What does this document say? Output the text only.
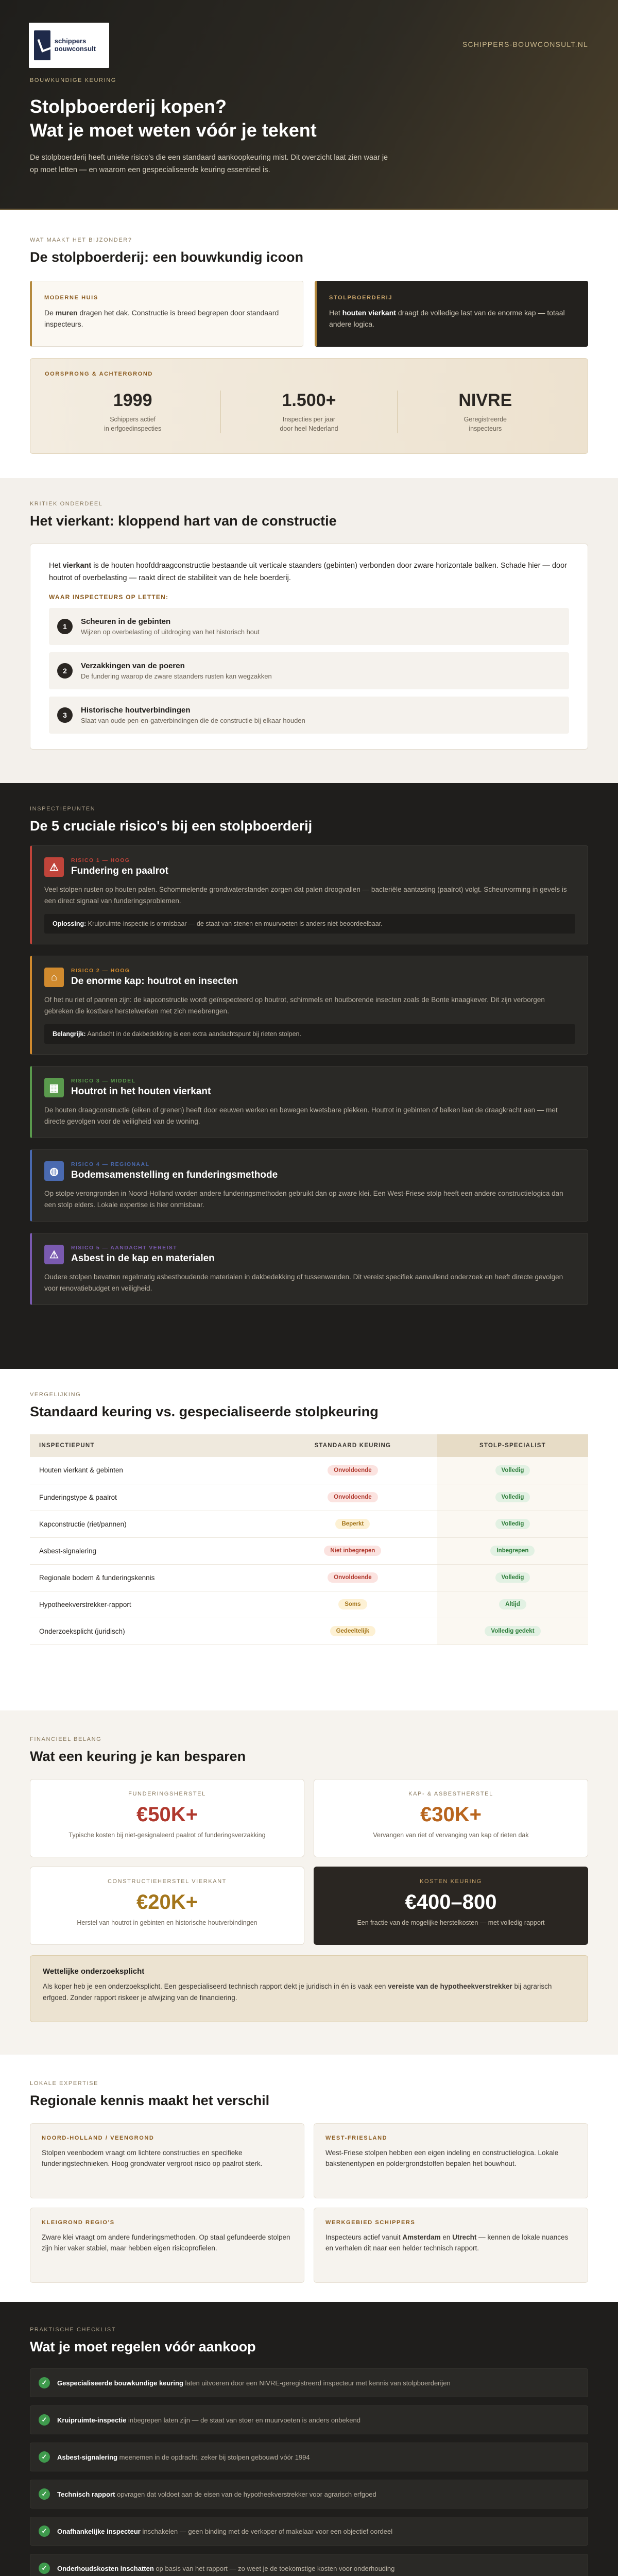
schippers bouwconsult
SCHIPPERS-BOUWCONSULT.NL
BOUWKUNDIGE KEURING
Stolpboerderij kopen?
Wat je moet weten vóór je tekent

De stolpboerderij heeft unieke risico's die een standaard aankoopkeuring mist. Dit overzicht laat zien waar je op moet letten — en waarom een gespecialiseerde keuring essentieel is.

WAT MAAKT HET BIJZONDER?
De stolpboerderij: een bouwkundig icoon
MODERNE HUIS

De muren dragen het dak. Constructie is breed begrepen door standaard inspecteurs.

STOLPBOERDERIJ

Het houten vierkant draagt de volledige last van de enorme kap — totaal andere logica.

OORSPRONG & ACHTERGROND
1999
Schippers actief
in erfgoedinspecties
1.500+
Inspecties per jaar
door heel Nederland
NIVRE
Geregistreerde
inspecteurs
KRITIEK ONDERDEEL
Het vierkant: kloppend hart van de constructie

Het vierkant is de houten hoofddraagconstructie bestaande uit verticale staanders (gebinten) verbonden door zware horizontale balken. Schade hier — door houtrot of overbelasting — raakt direct de stabiliteit van de hele boerderij.

WAAR INSPECTEURS OP LETTEN:
1
Scheuren in de gebinten
Wijzen op overbelasting of uitdroging van het historisch hout
2
Verzakkingen van de poeren
De fundering waarop de zware staanders rusten kan wegzakken
3
Historische houtverbindingen
Slaat van oude pen-en-gatverbindingen die de constructie bij elkaar houden
INSPECTIEPUNTEN
De 5 cruciale risico's bij een stolpboerderij
⚠
RISICO 1 — HOOG
Fundering en paalrot
Veel stolpen rusten op houten palen. Schommelende grondwaterstanden zorgen dat palen droogvallen — bacteriële aantasting (paalrot) volgt. Scheurvorming in gevels is een direct signaal van funderingsproblemen.
Oplossing: Kruipruimte-inspectie is onmisbaar — de staat van stenen en muurvoeten is anders niet beoordeelbaar.
⌂
RISICO 2 — HOOG
De enorme kap: houtrot en insecten
Of het nu riet of pannen zijn: de kapconstructie wordt geïnspecteerd op houtrot, schimmels en houtborende insecten zoals de Bonte knaagkever. Dit zijn verborgen gebreken die kostbare herstelwerken met zich meebrengen.
Belangrijk: Aandacht in de dakbedekking is een extra aandachtspunt bij rieten stolpen.
▦
RISICO 3 — MIDDEL
Houtrot in het houten vierkant
De houten draagconstructie (eiken of grenen) heeft door eeuwen werken en bewegen kwetsbare plekken. Houtrot in gebinten of balken laat de draagkracht aan — met directe gevolgen voor de veiligheid van de woning.
◍
RISICO 4 — REGIONAAL
Bodemsamenstelling en funderingsmethode
Op stolpe verongronden in Noord-Holland worden andere funderingsmethoden gebruikt dan op zware klei. Een West-Friese stolp heeft een andere constructielogica dan een stolp elders. Lokale expertise is hier onmisbaar.
⚠
RISICO 5 — AANDACHT VEREIST
Asbest in de kap en materialen
Oudere stolpen bevatten regelmatig asbesthoudende materialen in dakbedekking of tussenwanden. Dit vereist specifiek aanvullend onderzoek en heeft directe gevolgen voor renovatiebudget en veiligheid.
VERGELIJKING
Standaard keuring vs. gespecialiseerde stolpkeuring
INSPECTIEPUNT	STANDAARD KEURING	STOLP-SPECIALIST
Houten vierkant & gebinten	Onvoldoende	Volledig
Funderingstype & paalrot	Onvoldoende	Volledig
Kapconstructie (riet/pannen)	Beperkt	Volledig
Asbest-signalering	Niet inbegrepen	Inbegrepen
Regionale bodem & funderingskennis	Onvoldoende	Volledig
Hypotheekverstrekker-rapport	Soms	Altijd
Onderzoeksplicht (juridisch)	Gedeeltelijk	Volledig gedekt
FINANCIEEL BELANG
Wat een keuring je kan besparen
FUNDERINGSHERSTEL
€50K+
Typische kosten bij niet-gesignaleerd paalrot of funderingsverzakking
KAP- & ASBESTHERSTEL
€30K+
Vervangen van riet of vervanging van kap of rieten dak
CONSTRUCTIEHERSTEL VIERKANT
€20K+
Herstel van houtrot in gebinten en historische houtverbindingen
KOSTEN KEURING
€400–800
Een fractie van de mogelijke herstelkosten — met volledig rapport
Wettelijke onderzoeksplicht

Als koper heb je een onderzoeksplicht. Een gespecialiseerd technisch rapport dekt je juridisch in én is vaak een vereiste van de hypotheekverstrekker bij agrarisch erfgoed. Zonder rapport riskeer je afwijzing van de financiering.

LOKALE EXPERTISE
Regionale kennis maakt het verschil
NOORD-HOLLAND / VEENGROND

Stolpen veenbodem vraagt om lichtere constructies en specifieke funderingstechnieken. Hoog grondwater vergroot risico op paalrot sterk.

WEST-FRIESLAND

West-Friese stolpen hebben een eigen indeling en constructielogica. Lokale bakstenentypen en poldergrondstoffen bepalen het bouwhout.

KLEIGROND REGIO'S

Zware klei vraagt om andere funderingsmethoden. Op staal gefundeerde stolpen zijn hier vaker stabiel, maar hebben eigen risicoprofielen.

WERKGEBIED SCHIPPERS

Inspecteurs actief vanuit Amsterdam en Utrecht — kennen de lokale nuances en verhalen dit naar een helder technisch rapport.

PRAKTISCHE CHECKLIST
Wat je moet regelen vóór aankoop
✓	Gespecialiseerde bouwkundige keuring laten uitvoeren door een NIVRE-geregistreerd inspecteur met kennis van stolpboerderijen
✓	Kruipruimte-inspectie inbegrepen laten zijn — de staat van stoer en muurvoeten is anders onbekend
✓	Asbest-signalering meenemen in de opdracht, zeker bij stolpen gebouwd vóór 1994
✓	Technisch rapport opvragen dat voldoet aan de eisen van de hypotheekverstrekker voor agrarisch erfgoed
✓	Onafhankelijke inspecteur inschakelen — geen binding met de verkoper of makelaar voor een objectief oordeel
✓	Onderhoudskosten inschatten op basis van het rapport — zo weet je de toekomstige kosten voor onderhouding
